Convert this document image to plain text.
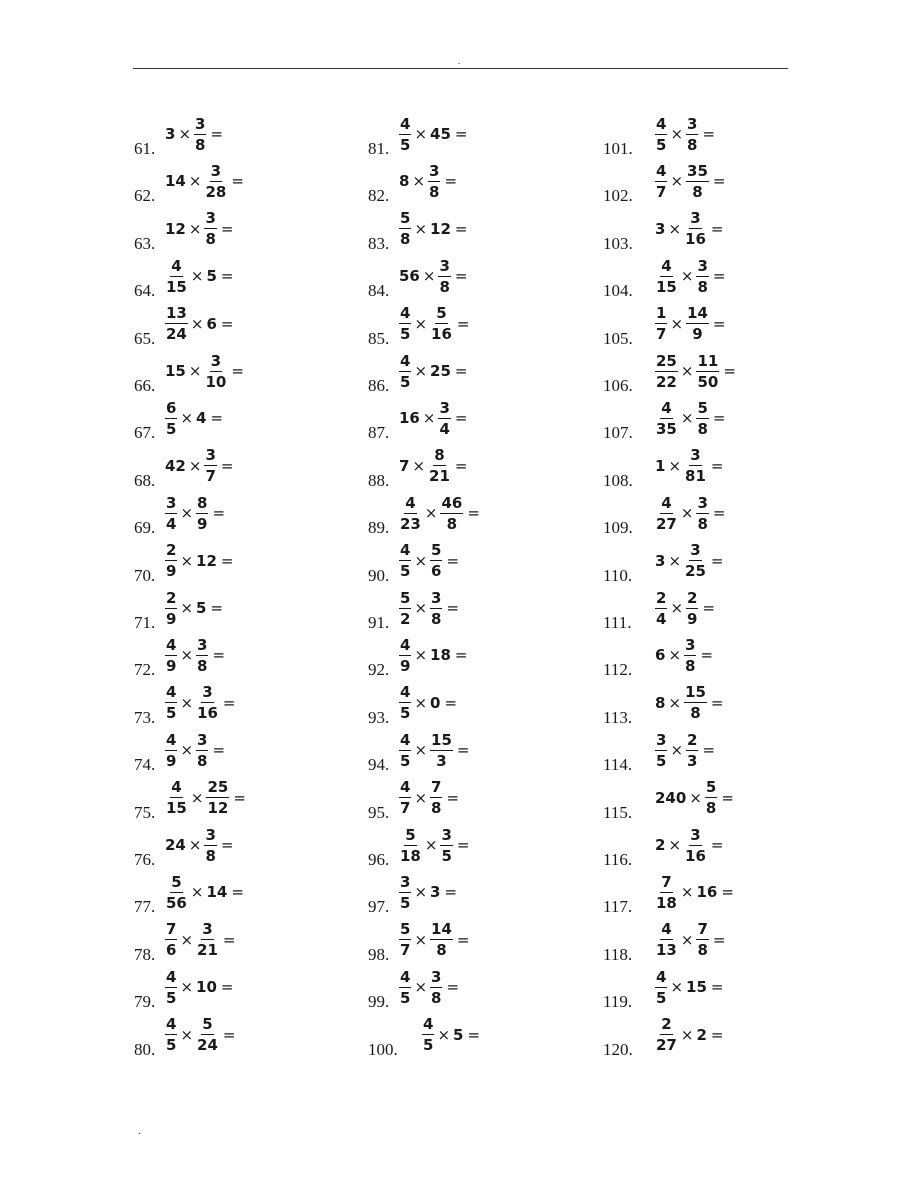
.
61.
$3 \times \frac{3}{8}$ =
62.
$14 \times \frac{3}{28}$ =
63.
$12 \times \frac{3}{8}$ =
64. $\frac{4}{15} \times 5$ =
65. $\frac{13}{24} \times 6$ =
66.
$15 \times \frac{3}{10}$ =
67. $\frac{6}{5} \times 4$ =
68.
$42 \times \frac{3}{7}$ =
69. $\frac{3}{4} \times \frac{8}{9}$ =
70. $\frac{2}{9} \times 12$ =
71. $\frac{2}{9} \times 5$ =
72. $\frac{4}{9} \times \frac{3}{8}$ =
73. $\frac{4}{5} \times \frac{3}{16}$ =
74. $\frac{4}{9} \times \frac{3}{8}$ =
75. $\frac{4}{15} \times \frac{25}{12}$ =
76.
$24 \times \frac{3}{8}$ =
77. $\frac{5}{56} \times 14$ =
78. $\frac{7}{6} \times \frac{3}{21}$ =
79. $\frac{4}{5} \times 10$ =
80. $\frac{4}{5} \times \frac{5}{24}$ =
81. $\frac{4}{5} \times 45$ =
82.
$8 \times \frac{3}{8}$ =
83. $\frac{5}{8} \times 12$ =
84.
$56 \times \frac{3}{8}$ =
85. $\frac{4}{5} \times \frac{5}{16}$ =
86. $\frac{4}{5} \times 25$ =
87.
$16 \times \frac{3}{4}$ =
88.
$7 \times \frac{8}{21}$ =
89. $\frac{4}{23} \times \frac{46}{8}$ =
90. $\frac{4}{5} \times \frac{5}{6}$ =
91. $\frac{5}{2} \times \frac{3}{8}$ =
92. $\frac{4}{9} \times 18$ =
93. $\frac{4}{5} \times 0$ =
94. $\frac{4}{5} \times \frac{15}{3}$ =
95. $\frac{4}{7} \times \frac{7}{8}$ =
96. $\frac{5}{18} \times \frac{3}{5}$ =
97. $\frac{3}{5} \times 3$ =
98. $\frac{5}{7} \times \frac{14}{8}$ =
99. $\frac{4}{5} \times \frac{3}{8}$ =
100. $\frac{4}{5} \times 5$ =
101. $\frac{4}{5} \times \frac{3}{8}$ =
102. $\frac{4}{7} \times \frac{35}{8}$ =
103.
$3 \times \frac{3}{16}$ =
104. $\frac{4}{15} \times \frac{3}{8}$ =
105. $\frac{1}{7} \times \frac{14}{9}$ =
106. $\frac{25}{22} \times \frac{11}{50}$ =
107. $\frac{4}{35} \times \frac{5}{8}$ =
108.
$1 \times \frac{3}{81}$ =
109. $\frac{4}{27} \times \frac{3}{8}$ =
110.
$3 \times \frac{3}{25}$ =
111. $\frac{2}{4} \times \frac{2}{9}$ =
112.
$6 \times \frac{3}{8}$ =
113.
$8 \times \frac{15}{8}$ =
114. $\frac{3}{5} \times \frac{2}{3}$ =
115.
$240 \times \frac{5}{8}$ =
116.
$2 \times \frac{3}{16}$ =
117. $\frac{7}{18} \times 16$ =
118. $\frac{4}{13} \times \frac{7}{8}$ =
119. $\frac{4}{5} \times 15$ =
120. $\frac{2}{27} \times 2$ =
.
